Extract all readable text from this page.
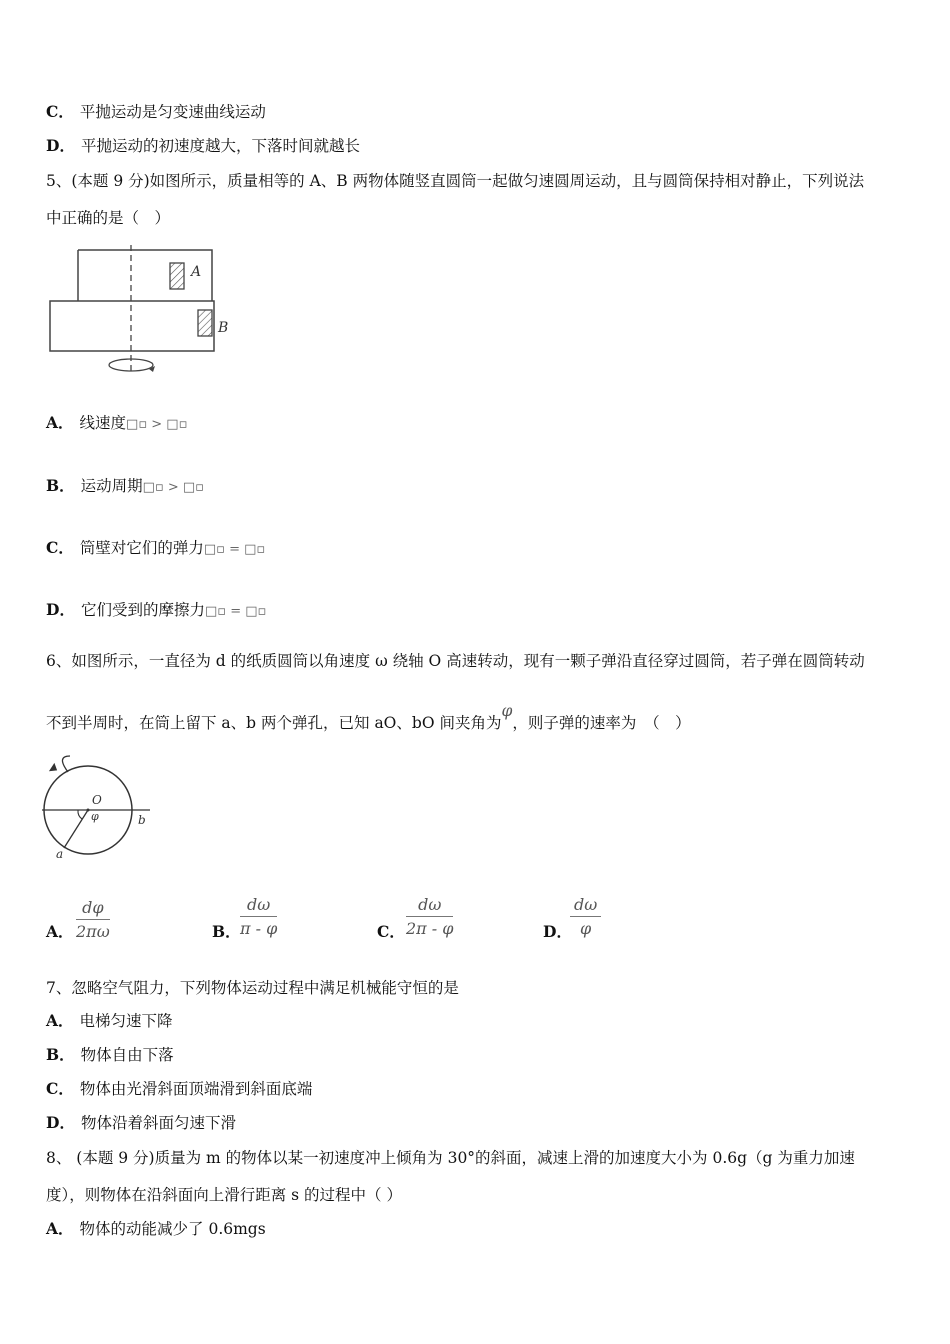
C． 平抛运动是匀变速曲线运动
D． 平抛运动的初速度越大，下落时间就越长
5、(本题 9 分)如图所示，质量相等的 A、B 两物体随竖直圆筒一起做匀速圆周运动，且与圆筒保持相对静止，下列说法
中正确的是（　）
A
B
A． 线速度□▫ > □▫
B． 运动周期□▫ > □▫
C． 筒壁对它们的弹力□▫ = □▫
D． 它们受到的摩擦力□▫ = □▫
6、如图所示，一直径为 d 的纸质圆筒以角速度 ω 绕轴 O 高速转动，现有一颗子弹沿直径穿过圆筒，若子弹在圆筒转动
不到半周时，在筒上留下 a、b 两个弹孔，已知 aO、bO 间夹角为φ，则子弹的速率为　（　）
O
φ
a
b
A． $\frac{d\varphi}{2\pi\omega}$	B． $\frac{d\omega}{\pi - \varphi}$	C． $\frac{d\omega}{2\pi - \varphi}$	D．
$\frac{d\omega}{\varphi}$
7、忽略空气阻力，下列物体运动过程中满足机械能守恒的是
A． 电梯匀速下降
B． 物体自由下落
C． 物体由光滑斜面顶端滑到斜面底端
D． 物体沿着斜面匀速下滑
8、 (本题 9 分)质量为 m 的物体以某一初速度冲上倾角为 30°的斜面，减速上滑的加速度大小为 0.6g（g 为重力加速
度），则物体在沿斜面向上滑行距离 s 的过程中（ ）
A． 物体的动能减少了 0.6mgs
